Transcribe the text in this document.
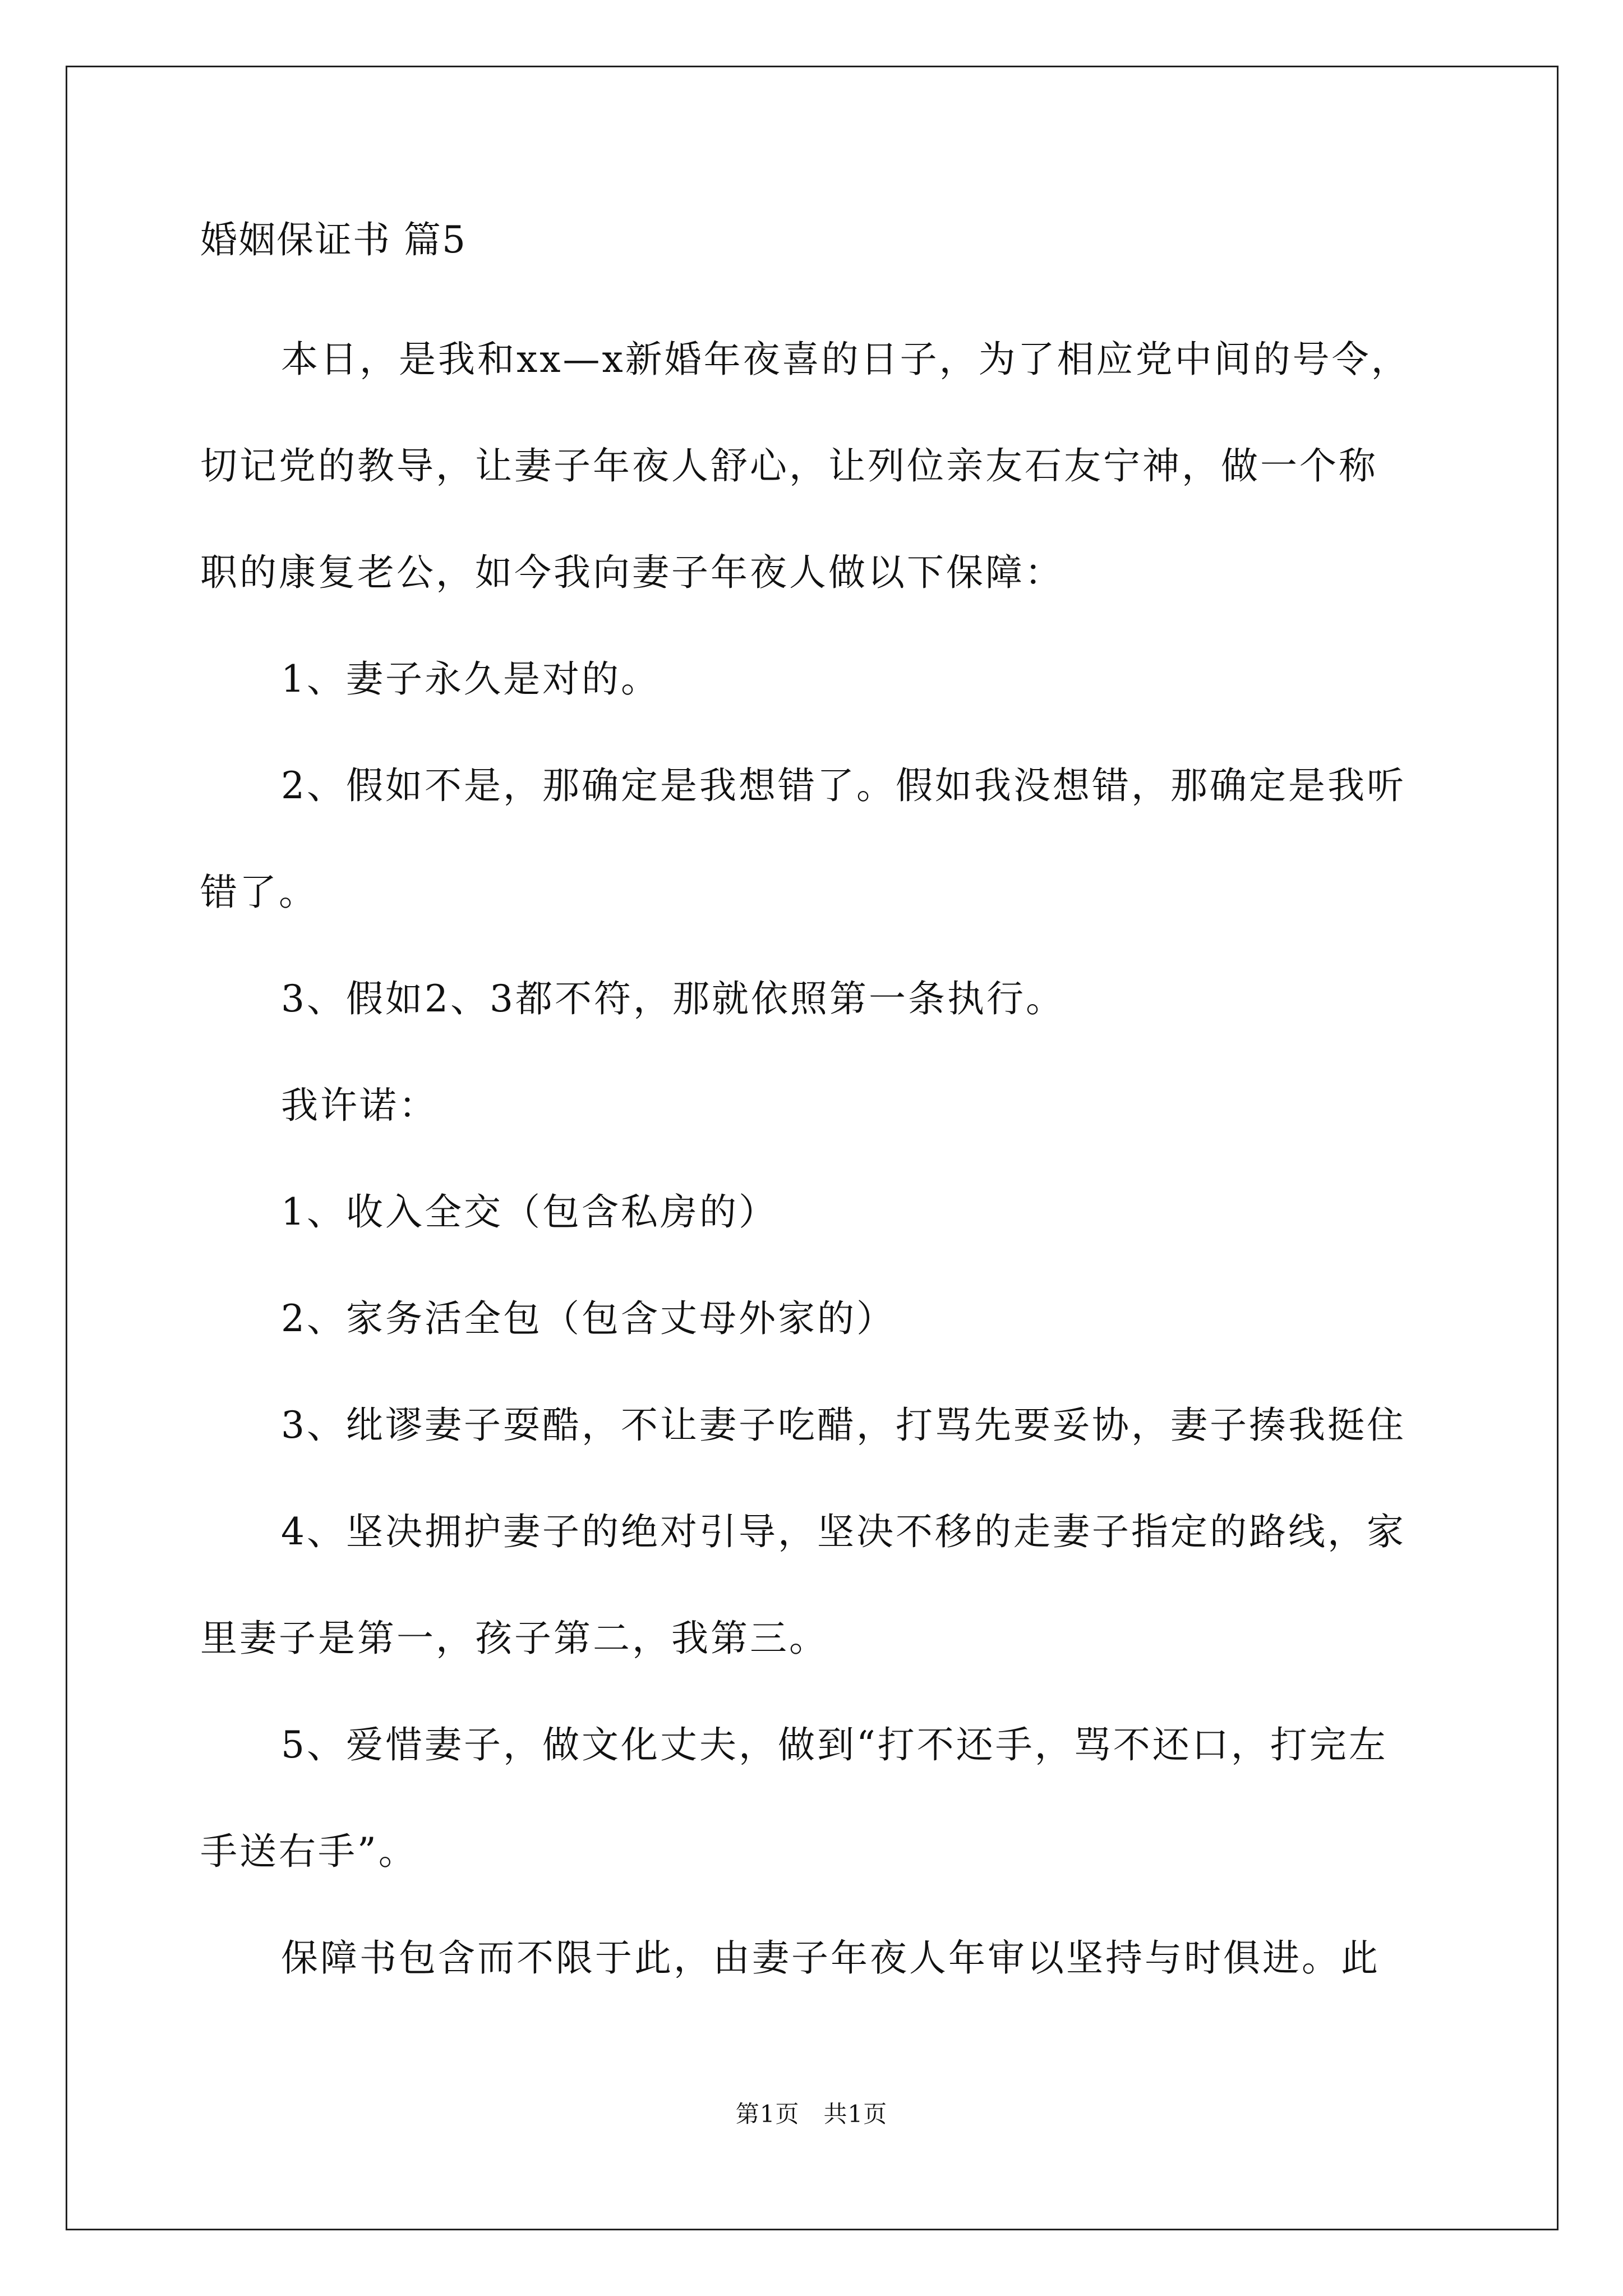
婚姻保证书 篇5
本日，是我和xx—x新婚年夜喜的日子，为了相应党中间的号令，
切记党的教导，让妻子年夜人舒心，让列位亲友石友宁神，做一个称
职的康复老公，如今我向妻子年夜人做以下保障：
1、妻子永久是对的。
2、假如不是，那确定是我想错了。假如我没想错，那确定是我听
错了。
3、假如2、3都不符，那就依照第一条执行。
我许诺：
1、收入全交（包含私房的）
2、家务活全包（包含丈母外家的）
3、纰谬妻子耍酷，不让妻子吃醋，打骂先要妥协，妻子揍我挺住
4、坚决拥护妻子的绝对引导，坚决不移的走妻子指定的路线，家
里妻子是第一，孩子第二，我第三。
5、爱惜妻子，做文化丈夫，做到“打不还手，骂不还口，打完左
手送右手”。
保障书包含而不限于此，由妻子年夜人年审以坚持与时俱进。此
第1页　共1页
